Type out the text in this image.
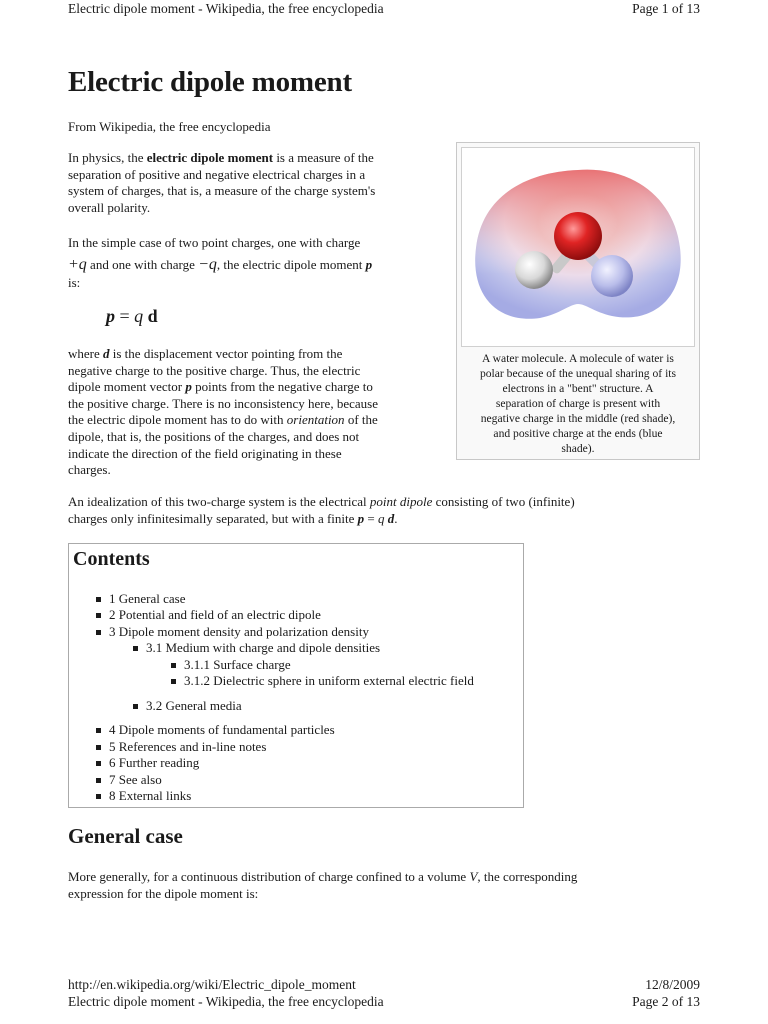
Electric dipole moment - Wikipedia, the free encyclopedia	Page 1 of 13
Electric dipole moment
From Wikipedia, the free encyclopedia

In physics, the electric dipole moment is a measure of the
separation of positive and negative electrical charges in a
system of charges, that is, a measure of the charge system's
overall polarity.

In the simple case of two point charges, one with charge
+q and one with charge −q, the electric dipole moment p
is:

p = q d

where d is the displacement vector pointing from the
negative charge to the positive charge. Thus, the electric
dipole moment vector p points from the negative charge to
the positive charge. There is no inconsistency here, because
the electric dipole moment has to do with orientation of the
dipole, that is, the positions of the charges, and does not
indicate the direction of the field originating in these
charges.

A water molecule. A molecule of water is
polar because of the unequal sharing of its
electrons in a "bent" structure. A
separation of charge is present with
negative charge in the middle (red shade),
and positive charge at the ends (blue
shade).

An idealization of this two-charge system is the electrical point dipole consisting of two (infinite)
charges only infinitesimally separated, but with a finite p = q d.

Contents
1 General case
2 Potential and field of an electric dipole
3 Dipole moment density and polarization density
3.1 Medium with charge and dipole densities
3.1.1 Surface charge
3.1.2 Dielectric sphere in uniform external electric field
3.2 General media
4 Dipole moments of fundamental particles
5 References and in-line notes
6 Further reading
7 See also
8 External links
General case

More generally, for a continuous distribution of charge confined to a volume V, the corresponding
expression for the dipole moment is:

http://en.wikipedia.org/wiki/Electric_dipole_moment	12/8/2009
Electric dipole moment - Wikipedia, the free encyclopedia	Page 2 of 13
